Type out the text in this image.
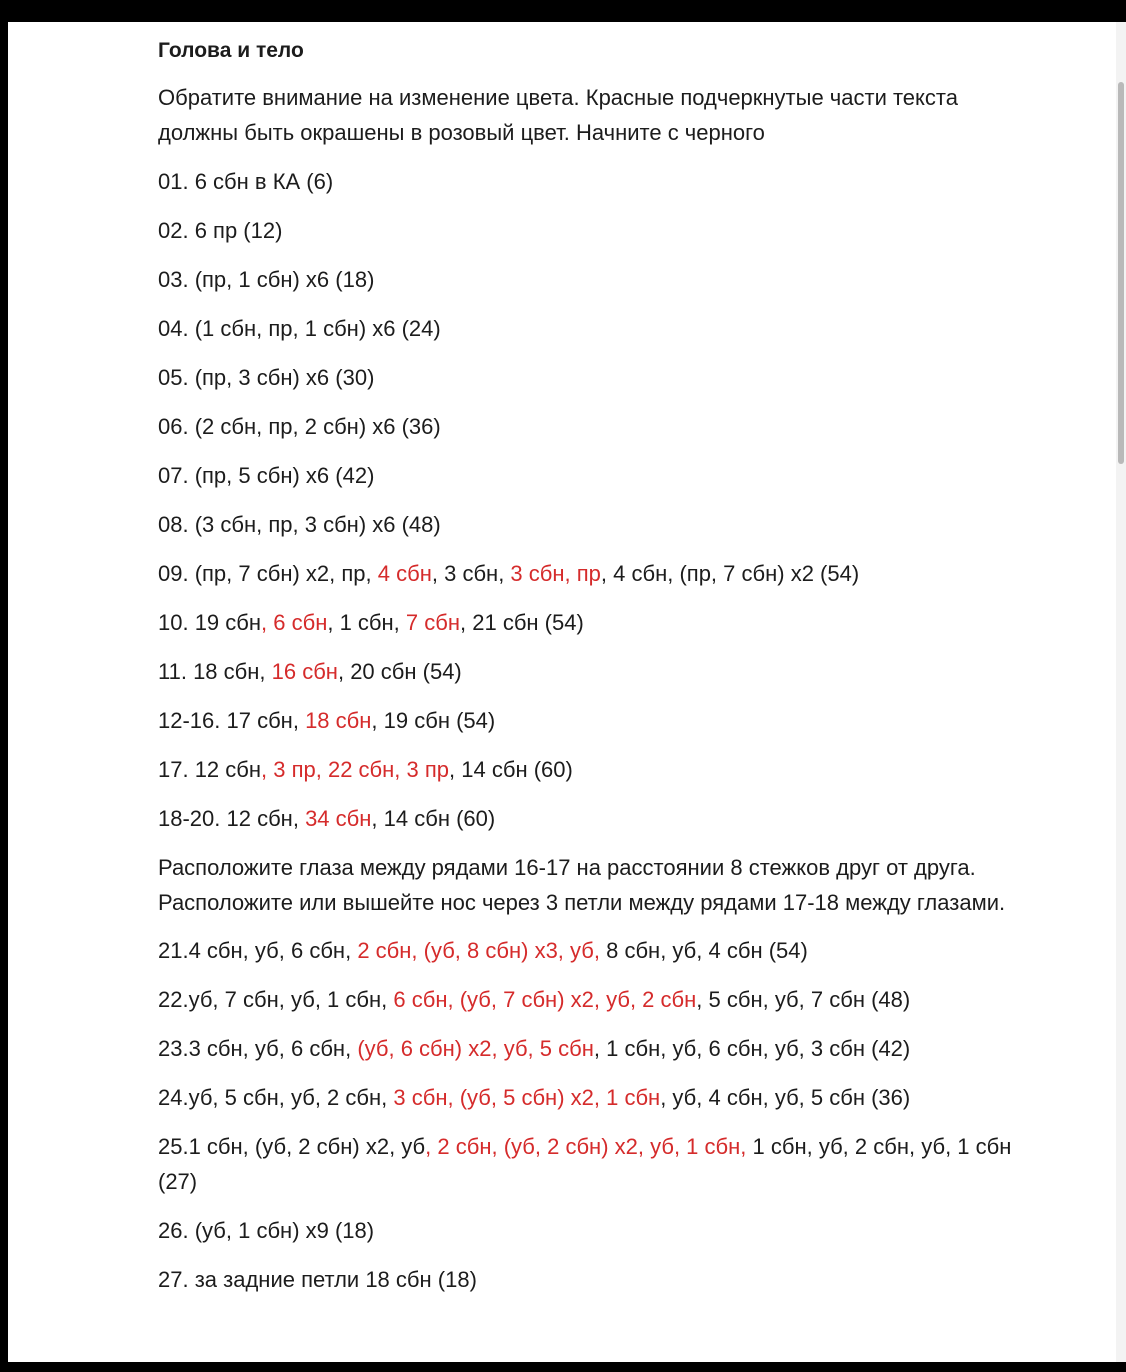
Голова и тело

Обратите внимание на изменение цвета. Красные подчеркнутые части текста должны быть окрашены в розовый цвет. Начните с черного

01. 6 сбн в КА (6)

02. 6 пр (12)

03. (пр, 1 сбн) х6 (18)

04. (1 сбн, пр, 1 сбн) х6 (24)

05. (пр, 3 сбн) х6 (30)

06. (2 сбн, пр, 2 сбн) х6 (36)

07. (пр, 5 сбн) х6 (42)

08. (3 сбн, пр, 3 сбн) х6 (48)

09. (пр, 7 сбн) х2, пр, 4 сбн, 3 сбн, 3 сбн, пр, 4 сбн, (пр, 7 сбн) х2 (54)

10. 19 сбн, 6 сбн, 1 сбн, 7 сбн, 21 сбн (54)

11. 18 сбн, 16 сбн, 20 сбн (54)

12-16. 17 сбн, 18 сбн, 19 сбн (54)

17. 12 сбн, 3 пр, 22 сбн, 3 пр, 14 сбн (60)

18-20. 12 сбн, 34 сбн, 14 сбн (60)

Расположите глаза между рядами 16-17 на расстоянии 8 стежков друг от друга. Расположите или вышейте нос через 3 петли между рядами 17-18 между глазами.

21.4 сбн, уб, 6 сбн, 2 сбн, (уб, 8 сбн) х3, уб, 8 сбн, уб, 4 сбн (54)

22.уб, 7 сбн, уб, 1 сбн, 6 сбн, (уб, 7 сбн) х2, уб, 2 сбн, 5 сбн, уб, 7 сбн (48)

23.3 сбн, уб, 6 сбн, (уб, 6 сбн) х2, уб, 5 сбн, 1 сбн, уб, 6 сбн, уб, 3 сбн (42)

24.уб, 5 сбн, уб, 2 сбн, 3 сбн, (уб, 5 сбн) х2, 1 сбн, уб, 4 сбн, уб, 5 сбн (36)

25.1 сбн, (уб, 2 сбн) х2, уб, 2 сбн, (уб, 2 сбн) х2, уб, 1 сбн, 1 сбн, уб, 2 сбн, уб, 1 сбн (27)

26. (уб, 1 сбн) х9 (18)

27. за задние петли 18 сбн (18)
